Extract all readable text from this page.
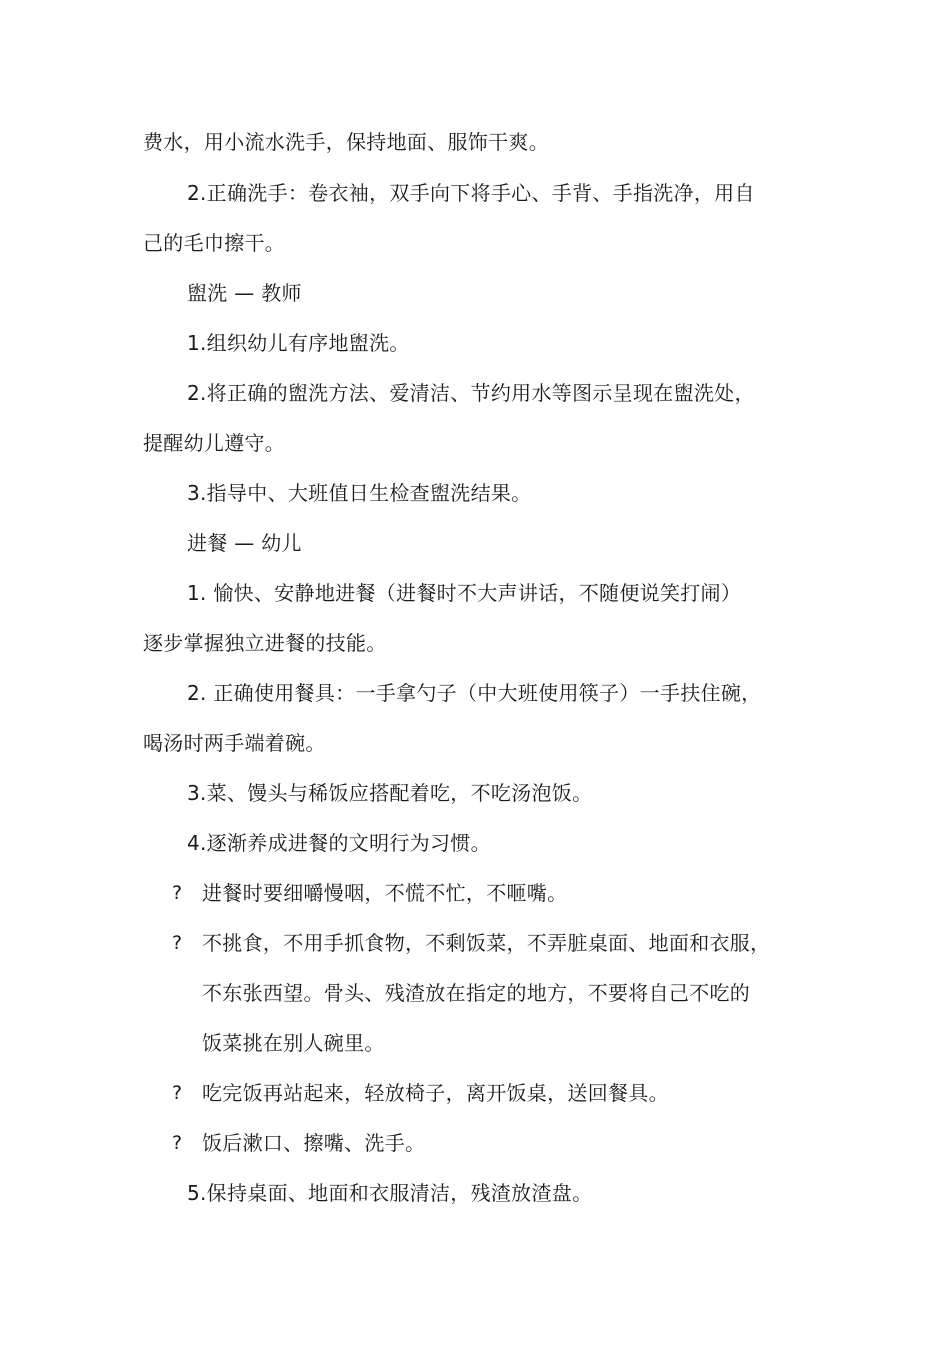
费水，用小流水洗手，保持地面、服饰干爽。
2.正确洗手：卷衣袖，双手向下将手心、手背、手指洗净，用自
己的毛巾擦干。
盥洗 — 教师
1.组织幼儿有序地盥洗。
2.将正确的盥洗方法、爱清洁、节约用水等图示呈现在盥洗处，
提醒幼儿遵守。
3.指导中、大班值日生检查盥洗结果。
进餐 — 幼儿
1. 愉快、安静地进餐（进餐时不大声讲话，不随便说笑打闹）
逐步掌握独立进餐的技能。
2. 正确使用餐具：一手拿勺子（中大班使用筷子）一手扶住碗，
喝汤时两手端着碗。
3.菜、馒头与稀饭应搭配着吃，不吃汤泡饭。
4.逐渐养成进餐的文明行为习惯。
? 进餐时要细嚼慢咽，不慌不忙，不咂嘴。
? 不挑食，不用手抓食物，不剩饭菜，不弄脏桌面、地面和衣服，
不东张西望。骨头、残渣放在指定的地方，不要将自己不吃的
饭菜挑在别人碗里。
? 吃完饭再站起来，轻放椅子，离开饭桌，送回餐具。
? 饭后漱口、擦嘴、洗手。
5.保持桌面、地面和衣服清洁，残渣放渣盘。
